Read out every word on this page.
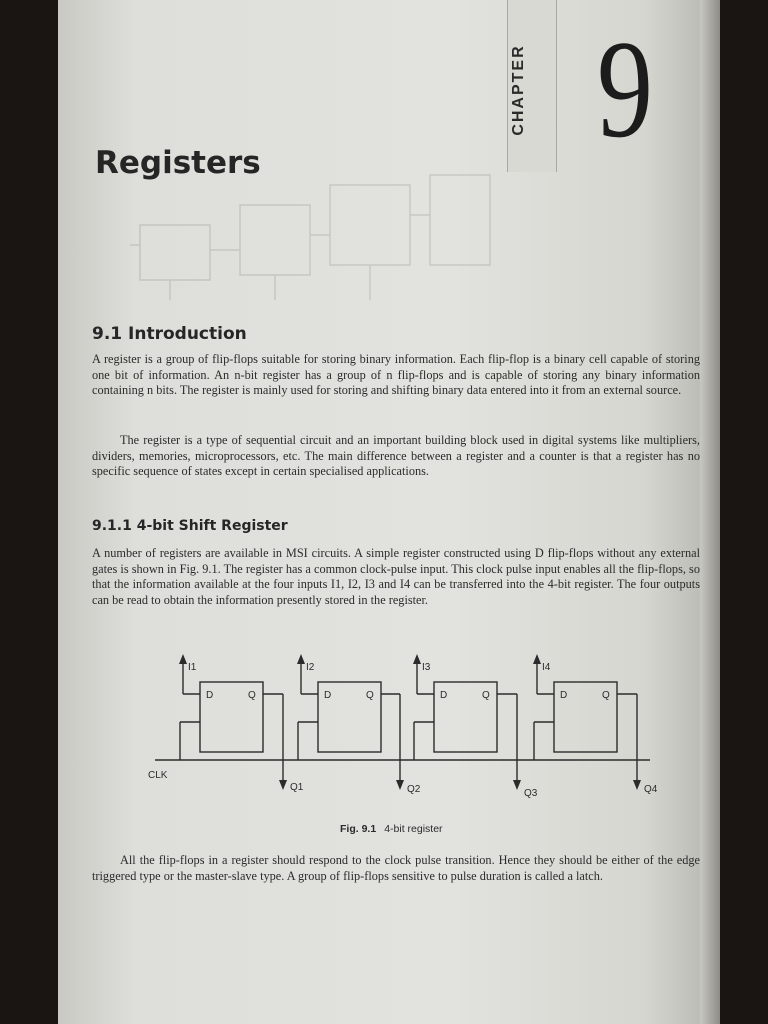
CHAPTER 9
Registers
9.1 Introduction
A register is a group of flip-flops suitable for storing binary information. Each flip-flop is a binary cell capable of storing one bit of information. An n-bit register has a group of n flip-flops and is capable of storing any binary information containing n bits. The register is mainly used for storing and shifting binary data entered into it from an external source.
The register is a type of sequential circuit and an important building block used in digital systems like multipliers, dividers, memories, microprocessors, etc. The main difference between a register and a counter is that a register has no specific sequence of states except in certain specialised applications.
9.1.1 4-bit Shift Register
A number of registers are available in MSI circuits. A simple register constructed using D flip-flops without any external gates is shown in Fig. 9.1. The register has a common clock-pulse input. This clock pulse input enables all the flip-flops, so that the information available at the four inputs I1, I2, I3 and I4 can be transferred into the 4-bit register. The four outputs can be read to obtain the information presently stored in the register.
I1	I2	I3	I4
D	Q	D	Q	D	Q	D	Q
Q1	Q2	Q3	Q4
CLK
Fig. 9.1 4-bit register
All the flip-flops in a register should respond to the clock pulse transition. Hence they should be either of the edge triggered type or the master-slave type. A group of flip-flops sensitive to pulse duration is called a latch.
